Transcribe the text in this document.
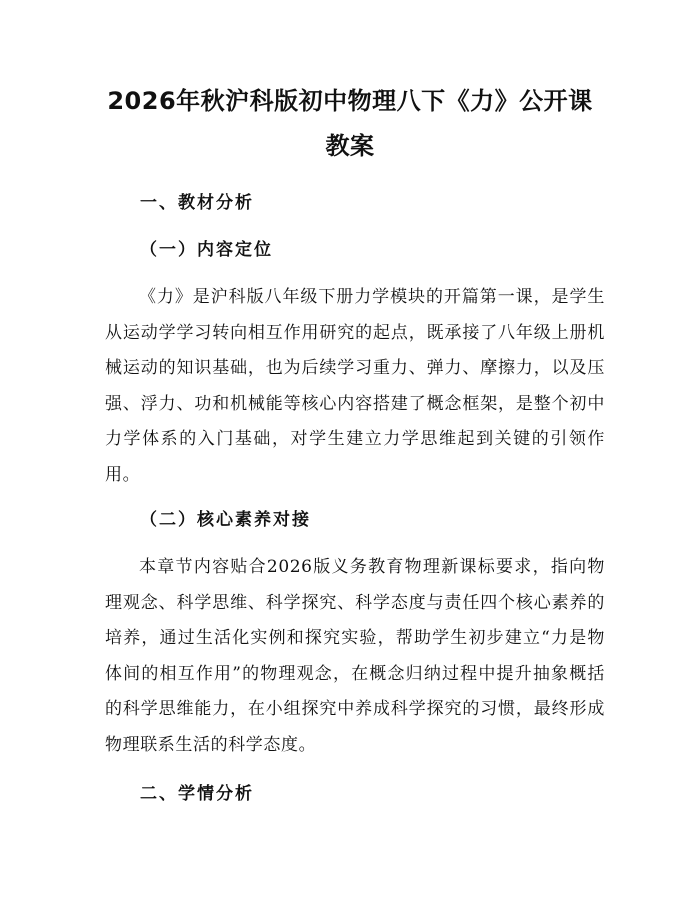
2026年秋沪科版初中物理八下《力》公开课
教案
一、教材分析
（一）内容定位

《力》是沪科版八年级下册力学模块的开篇第一课，是学生从运动学学习转向相互作用研究的起点，既承接了八年级上册机械运动的知识基础，也为后续学习重力、弹力、摩擦力，以及压强、浮力、功和机械能等核心内容搭建了概念框架，是整个初中力学体系的入门基础，对学生建立力学思维起到关键的引领作用。

（二）核心素养对接

本章节内容贴合2026版义务教育物理新课标要求，指向物理观念、科学思维、科学探究、科学态度与责任四个核心素养的培养，通过生活化实例和探究实验，帮助学生初步建立“力是物体间的相互作用”的物理观念，在概念归纳过程中提升抽象概括的科学思维能力，在小组探究中养成科学探究的习惯，最终形成物理联系生活的科学态度。

二、学情分析
